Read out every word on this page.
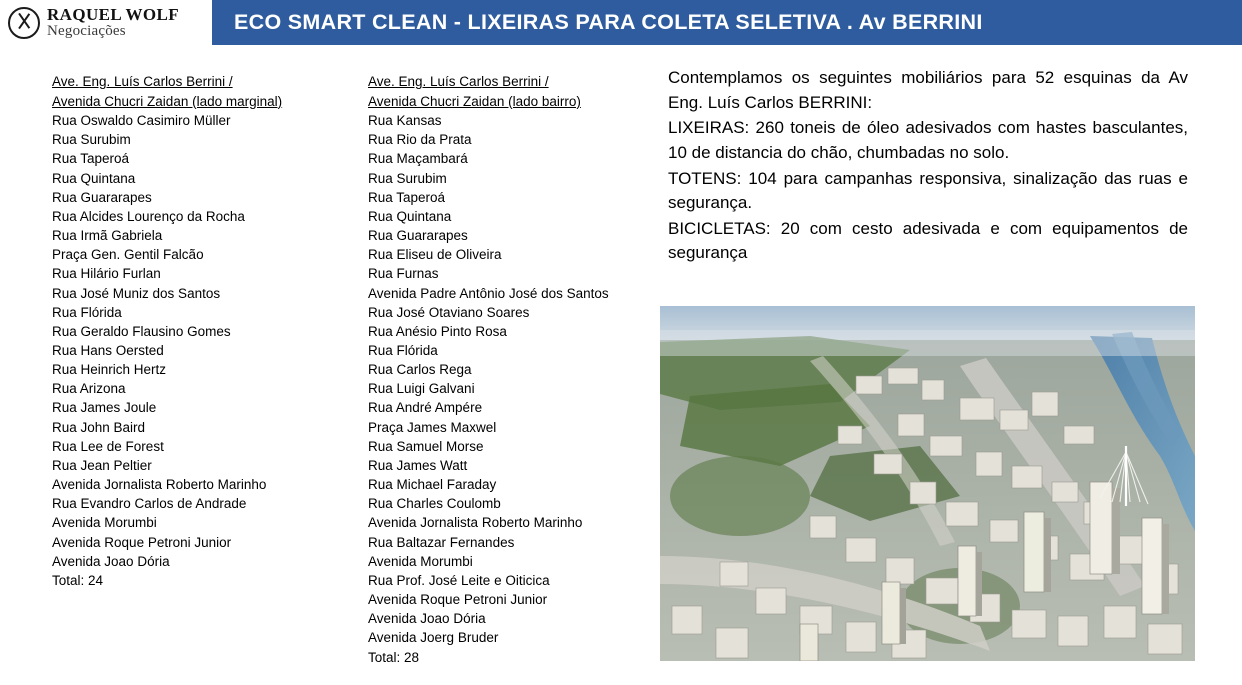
RAQUEL WOLF
Negociações	ECO SMART CLEAN - LIXEIRAS PARA COLETA SELETIVA . Av BERRINI
Ave. Eng. Luís Carlos Berrini /
Avenida Chucri Zaidan (lado marginal)
Rua Oswaldo Casimiro Müller
Rua Surubim
Rua Taperoá
Rua Quintana
Rua Guararapes
Rua Alcides Lourenço da Rocha
Rua Irmã Gabriela
Praça Gen. Gentil Falcão
Rua Hilário Furlan
Rua José Muniz dos Santos
Rua Flórida
Rua Geraldo Flausino Gomes
Rua Hans Oersted
Rua Heinrich Hertz
Rua Arizona
Rua James Joule
Rua John Baird
Rua Lee de Forest
Rua Jean Peltier
Avenida Jornalista Roberto Marinho
Rua Evandro Carlos de Andrade
Avenida Morumbi
Avenida Roque Petroni Junior
Avenida Joao Dória
Total: 24
Ave. Eng. Luís Carlos Berrini /
Avenida Chucri Zaidan (lado bairro)
Rua Kansas
Rua Rio da Prata
Rua Maçambará
Rua Surubim
Rua Taperoá
Rua Quintana
Rua Guararapes
Rua Eliseu de Oliveira
Rua Furnas
Avenida Padre Antônio José dos Santos
Rua José Otaviano Soares
Rua Anésio Pinto Rosa
Rua Flórida
Rua Carlos Rega
Rua Luigi Galvani
Rua André Ampére
Praça James Maxwel
Rua Samuel Morse
Rua James Watt
Rua Michael Faraday
Rua Charles Coulomb
Avenida Jornalista Roberto Marinho
Rua Baltazar Fernandes
Avenida Morumbi
Rua Prof. José Leite e Oiticica
Avenida Roque Petroni Junior
Avenida Joao Dória
Avenida Joerg Bruder
Total: 28

Contemplamos os seguintes mobiliários para 52 esquinas da Av Eng. Luís Carlos BERRINI:

LIXEIRAS: 260 toneis de óleo adesivados com hastes basculantes, 10 de distancia do chão, chumbadas no solo.

TOTENS: 104 para campanhas responsiva, sinalização das ruas e segurança.

BICICLETAS: 20 com cesto adesivada e com equipamentos de segurança
